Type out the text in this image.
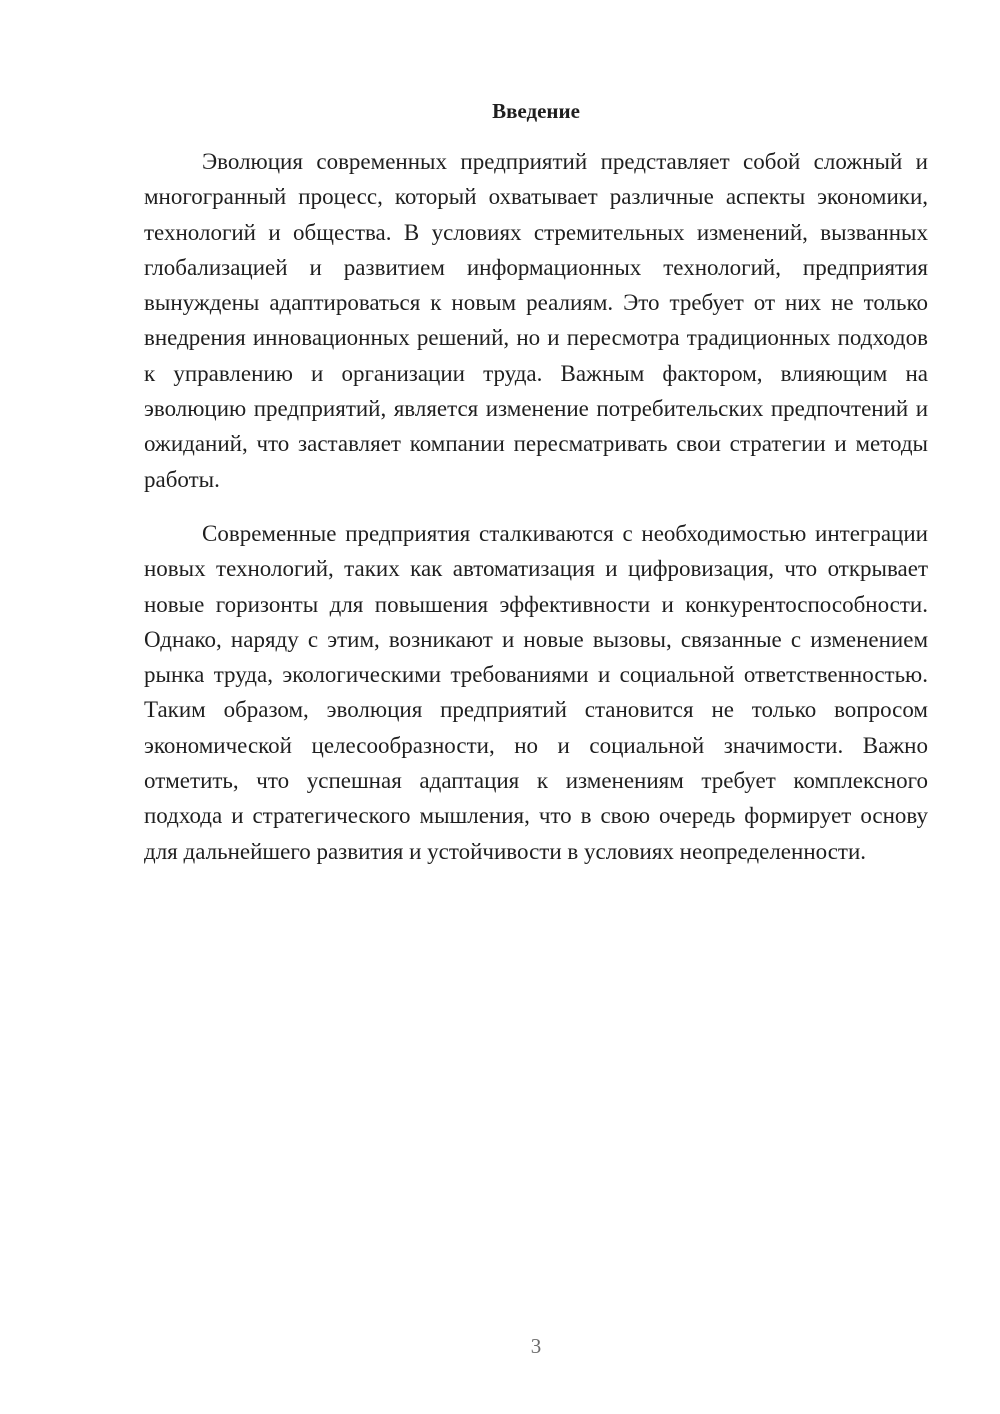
Введение

Эволюция современных предприятий представляет собой сложный и многогранный процесс, который охватывает различные аспекты экономики, технологий и общества. В условиях стремительных изменений, вызванных глобализацией и развитием информационных технологий, предприятия вынуждены адаптироваться к новым реалиям. Это требует от них не только внедрения инновационных решений, но и пересмотра традиционных подходов к управлению и организации труда. Важным фактором, влияющим на эволюцию предприятий, является изменение потребительских предпочтений и ожиданий, что заставляет компании пересматривать свои стратегии и методы работы.

Современные предприятия сталкиваются с необходимостью интеграции новых технологий, таких как автоматизация и цифровизация, что открывает новые горизонты для повышения эффективности и конкурентоспособности. Однако, наряду с этим, возникают и новые вызовы, связанные с изменением рынка труда, экологическими требованиями и социальной ответственностью. Таким образом, эволюция предприятий становится не только вопросом экономической целесообразности, но и социальной значимости. Важно отметить, что успешная адаптация к изменениям требует комплексного подхода и стратегического мышления, что в свою очередь формирует основу для дальнейшего развития и устойчивости в условиях неопределенности.

3
